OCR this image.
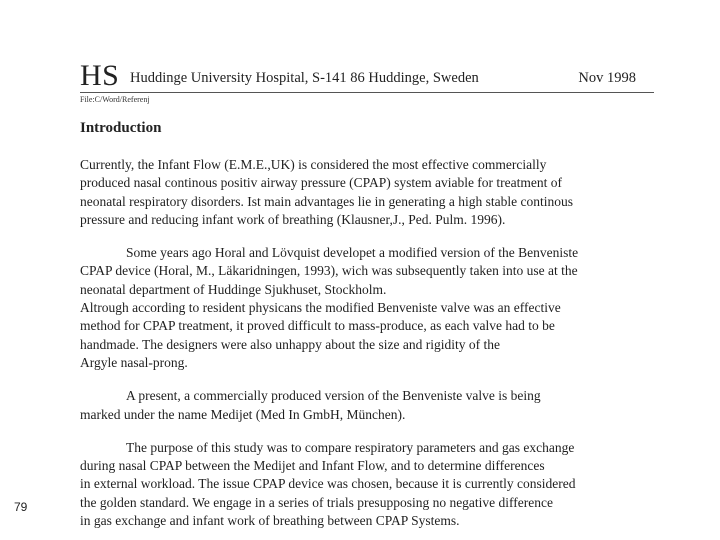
HS Huddinge University Hospital, S-141 86 Huddinge, Sweden	Nov 1998
File:C/Word/Referenj
Introduction
Currently, the Infant Flow (E.M.E.,UK) is considered the most effective commercially
produced nasal continous positiv airway pressure (CPAP) system aviable for treatment of
neonatal respiratory disorders. Ist main advantages lie in generating a high stable continous
pressure and reducing infant work of breathing (Klausner,J., Ped. Pulm. 1996).
Some years ago Horal and Lövquist developet a modified version of the Benveniste
CPAP device (Horal, M., Läkaridningen, 1993), wich was subsequently taken into use at the
neonatal department of Huddinge Sjukhuset, Stockholm.
Altrough according to resident physicans the modified Benveniste valve was an effective
method for CPAP treatment, it proved difficult to mass-produce, as each valve had to be
handmade. The designers were also unhappy about the size and rigidity of the
Argyle nasal-prong.
A present, a commercially produced version of the Benveniste valve is being
marked under the name Medijet (Med In GmbH, München).
The purpose of this study was to compare respiratory parameters and gas exchange
during nasal CPAP between the Medijet and Infant Flow, and to determine differences
in external workload. The issue CPAP device was chosen, because it is currently considered
the golden standard. We engage in a series of trials presupposing no negative difference
in gas exchange and infant work of breathing between CPAP Systems.
79
